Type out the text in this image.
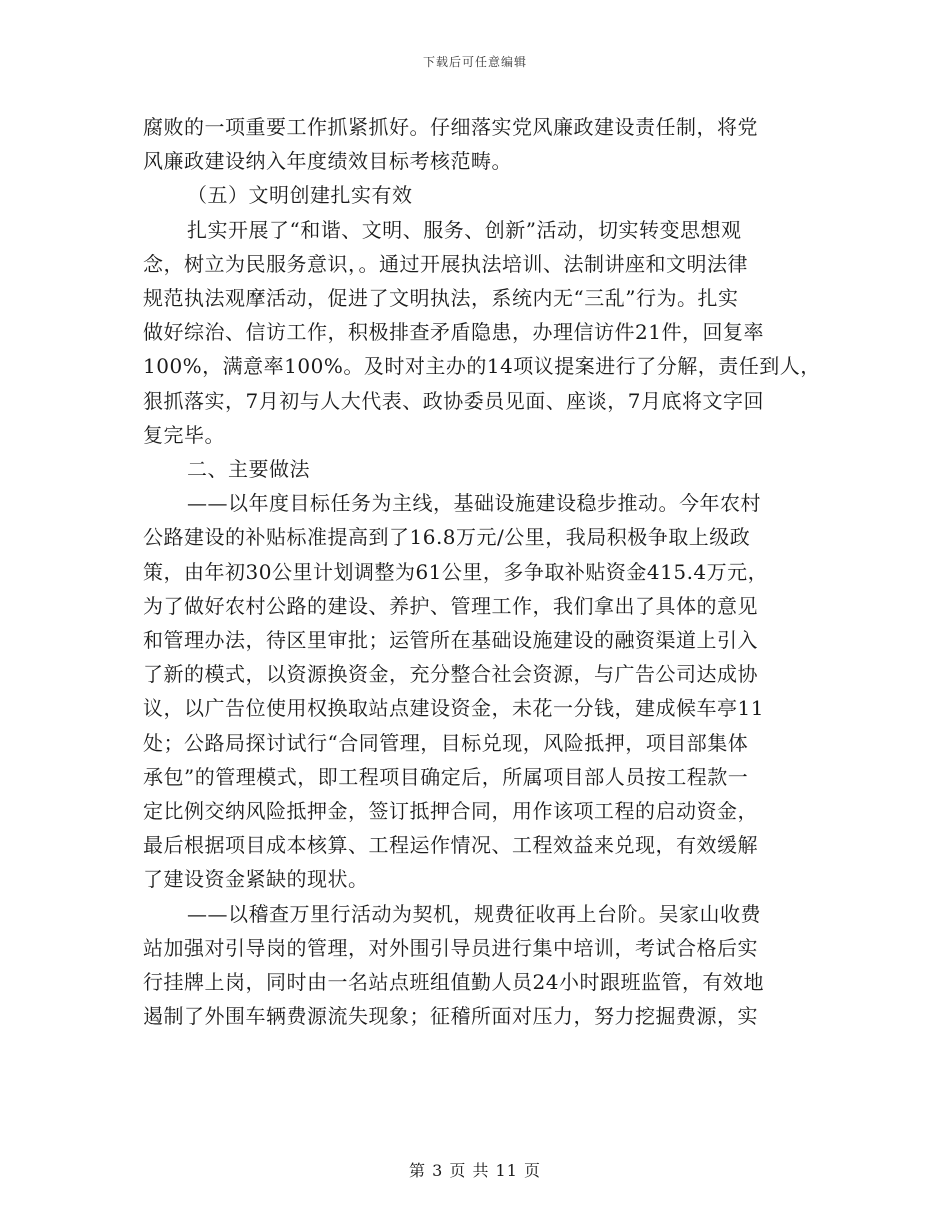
下载后可任意编辑

腐败的一项重要工作抓紧抓好。仔细落实党风廉政建设责任制，将党
风廉政建设纳入年度绩效目标考核范畴。

（五）文明创建扎实有效

扎实开展了“和谐、文明、服务、创新”活动，切实转变思想观
念，树立为民服务意识，。通过开展执法培训、法制讲座和文明法律
规范执法观摩活动，促进了文明执法，系统内无“三乱”行为。扎实
做好综治、信访工作，积极排查矛盾隐患，办理信访件21件，回复率
100%，满意率100%。及时对主办的14项议提案进行了分解，责任到人，
狠抓落实，7月初与人大代表、政协委员见面、座谈，7月底将文字回
复完毕。

二、主要做法

——以年度目标任务为主线，基础设施建设稳步推动。今年农村
公路建设的补贴标准提高到了16.8万元/公里，我局积极争取上级政
策，由年初30公里计划调整为61公里，多争取补贴资金415.4万元，
为了做好农村公路的建设、养护、管理工作，我们拿出了具体的意见
和管理办法，待区里审批；运管所在基础设施建设的融资渠道上引入
了新的模式，以资源换资金，充分整合社会资源，与广告公司达成协
议，以广告位使用权换取站点建设资金，未花一分钱，建成候车亭11
处；公路局探讨试行“合同管理，目标兑现，风险抵押，项目部集体
承包”的管理模式，即工程项目确定后，所属项目部人员按工程款一
定比例交纳风险抵押金，签订抵押合同，用作该项工程的启动资金，
最后根据项目成本核算、工程运作情况、工程效益来兑现，有效缓解
了建设资金紧缺的现状。

——以稽查万里行活动为契机，规费征收再上台阶。吴家山收费
站加强对引导岗的管理，对外围引导员进行集中培训，考试合格后实
行挂牌上岗，同时由一名站点班组值勤人员24小时跟班监管，有效地
遏制了外围车辆费源流失现象；征稽所面对压力，努力挖掘费源，实

第 3 页 共 11 页
